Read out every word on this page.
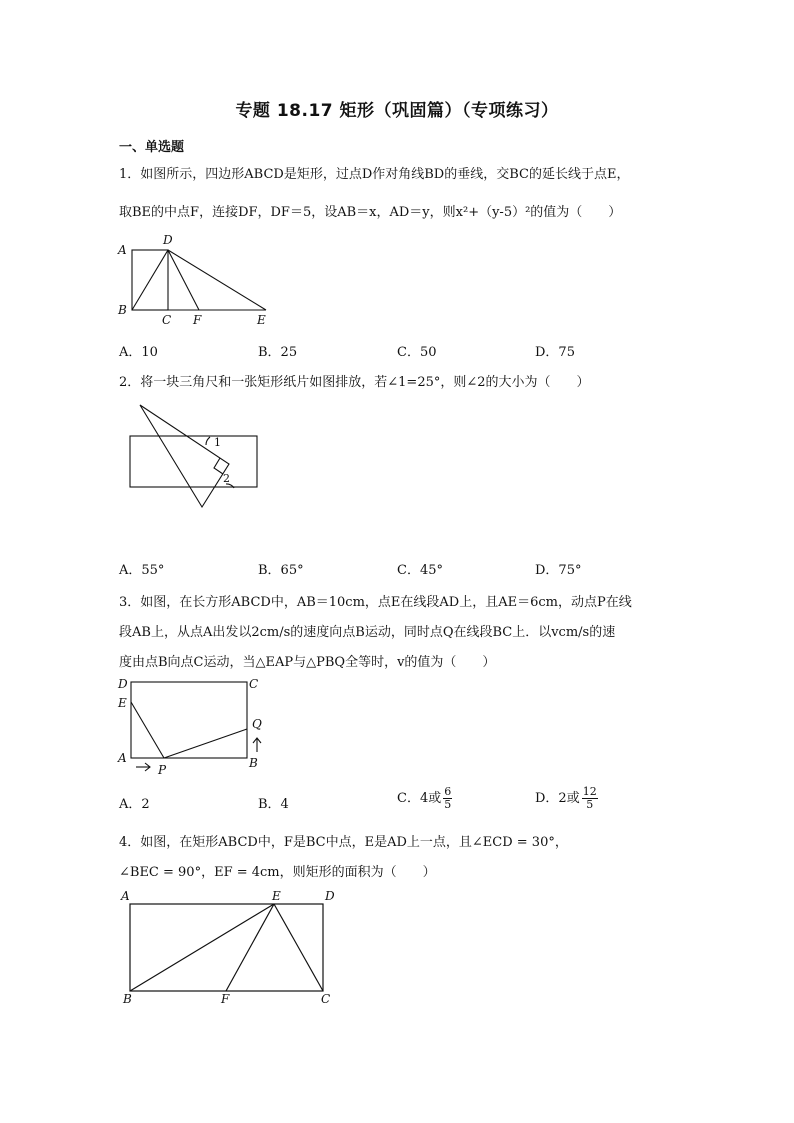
专题 18.17 矩形（巩固篇）（专项练习）
一、单选题
1．如图所示，四边形ABCD是矩形，过点D作对角线BD的垂线，交BC的延长线于点E，
取BE的中点F，连接DF，DF＝5，设AB＝x，AD＝y，则x²+（y-5）²的值为（　　）
A
D
B
C F	E
A．10	B．25	C．50	D．75
2．将一块三角尺和一张矩形纸片如图排放，若∠1=25°，则∠2的大小为（　　）
1
2
A．55°	B．65°	C．45°	D．75°
3．如图，在长方形ABCD中，AB＝10cm，点E在线段AD上，且AE＝6cm，动点P在线
段AB上，从点A出发以2cm/s的速度向点B运动，同时点Q在线段BC上．以vcm/s的速
度由点B向点C运动，当△EAP与△PBQ全等时，v的值为（　　）
D
E
A
C
Q
B
P
A．2	B．4	C．4或 $\frac{6}{5}$	D．2或 $\frac{12}{5}$
4．如图，在矩形ABCD中，F是BC中点，E是AD上一点，且∠ECD = 30°，
∠BEC = 90°，EF = 4cm，则矩形的面积为（　　）
A	E	D
B	F	C
